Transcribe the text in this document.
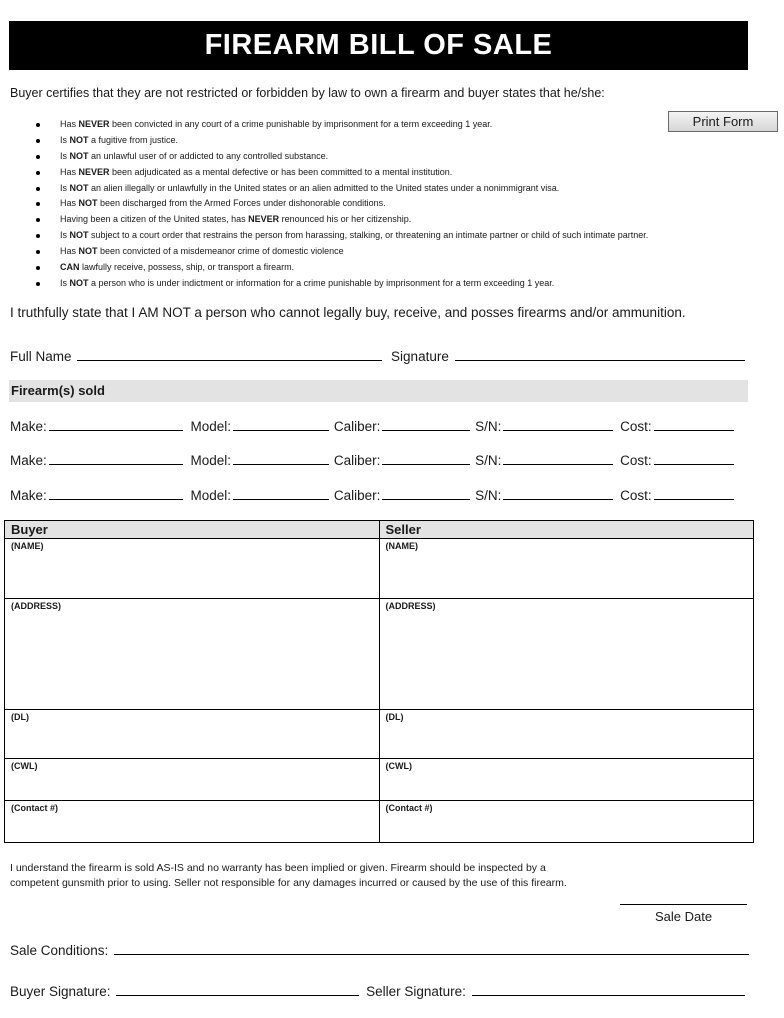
FIREARM BILL OF SALE
Buyer certifies that they are not restricted or forbidden by law to own a firearm and buyer states that he/she:
Print Form
Has NEVER been convicted in any court of a crime punishable by imprisonment for a term exceeding 1 year.
Is NOT a fugitive from justice.
Is NOT an unlawful user of or addicted to any controlled substance.
Has NEVER been adjudicated as a mental defective or has been committed to a mental institution.
Is NOT an alien illegally or unlawfully in the United states or an alien admitted to the United states under a nonimmigrant visa.
Has NOT been discharged from the Armed Forces under dishonorable conditions.
Having been a citizen of the United states, has NEVER renounced his or her citizenship.
Is NOT subject to a court order that restrains the person from harassing, stalking, or threatening an intimate partner or child of such intimate partner.
Has NOT been convicted of a misdemeanor crime of domestic violence
CAN lawfully receive, possess, ship, or transport a firearm.
Is NOT a person who is under indictment or information for a crime punishable by imprisonment for a term exceeding 1 year.
I truthfully state that I AM NOT a person who cannot legally buy, receive, and posses firearms and/or ammunition.
Full Name	Signature
Firearm(s) sold
Make:	Model:	Caliber:	S/N:	Cost:
Make:	Model:	Caliber:	S/N:	Cost:
Make:	Model:	Caliber:	S/N:	Cost:
Buyer	Seller
(NAME)	(NAME)
(ADDRESS)	(ADDRESS)
(DL)	(DL)
(CWL)	(CWL)
(Contact #)	(Contact #)
I understand the firearm is sold AS-IS and no warranty has been implied or given. Firearm should be inspected by a
competent gunsmith prior to using. Seller not responsible for any damages incurred or caused by the use of this firearm.
Sale Date
Sale Conditions:
Buyer Signature:	Seller Signature:
